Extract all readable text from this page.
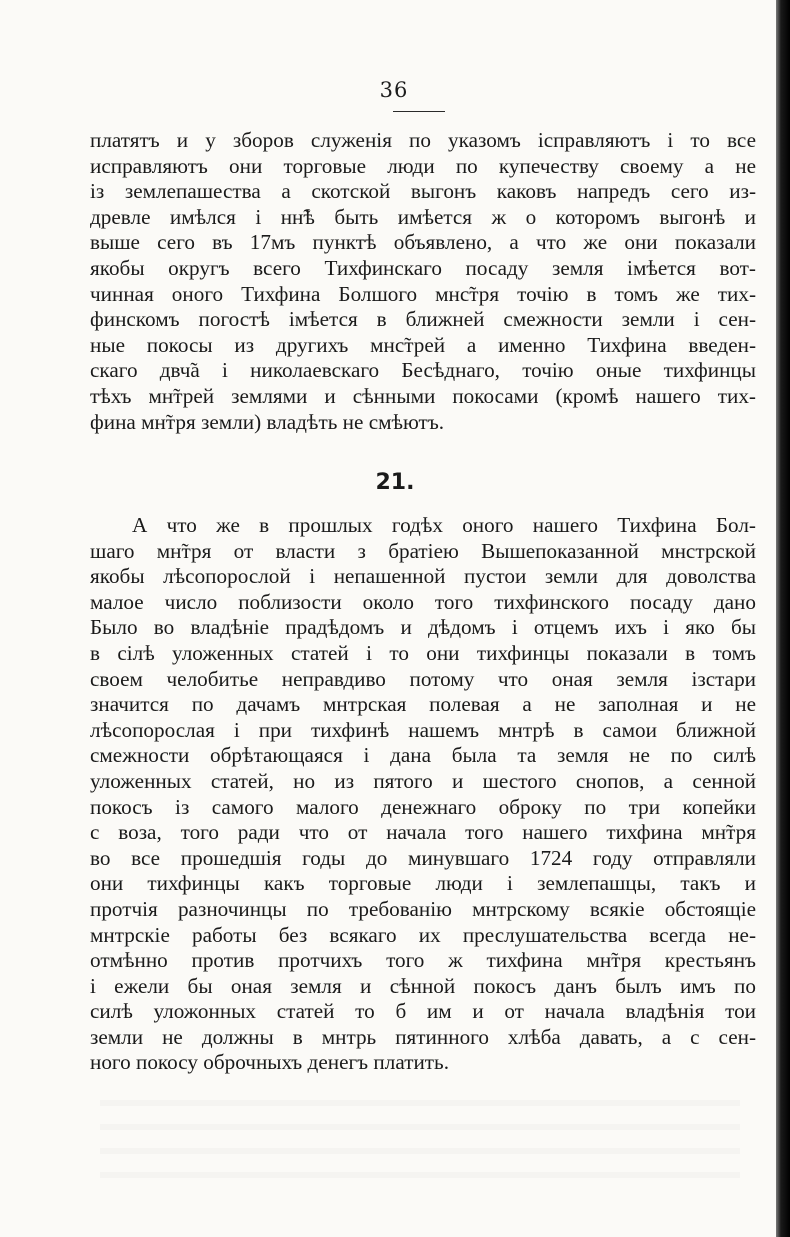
36
платятъ и у зборов служенія по указомъ ісправляютъ і то все
исправляютъ они торговые люди по купечеству своему а не
із землепашества а скотской выгонъ каковъ напредъ сего из-
древле имѣлся і нн̃ѣ быть имѣется ж о которомъ выгонѣ и
выше сего въ 17мъ пунктѣ объявлено, а что же они показали
якобы округъ всего Тихфинскаго посаду земля імѣется вот-
чинная оного Тихфина Болшого мнс̃тря точію в томъ же тих-
финскомъ погостѣ імѣется в ближней смежности земли і сен-
ные покосы из другихъ мнс̃трей а именно Тихфина введен-
скаго двч̃а і николаевскаго Бесѣднаго, точію оные тихфинцы
тѣхъ мн̃трей землями и сѣнными покосами (кромѣ нашего тих-
фина мн̃тря земли) владѣть не смѣютъ.
21.
А что же в прошлых годѣх оного нашего Тихфина Бол-
шаго мн̃тря от власти з братіею Вышепоказанной мнстрской
якобы лѣсопорослой і непашенной пустои земли для доволства
малое число поблизости около того тихфинского посаду дано
Было во владѣніе прадѣдомъ и дѣдомъ і отцемъ ихъ і яко бы
в сілѣ уложенных статей і то они тихфинцы показали в томъ
своем челобитье неправдиво потому что оная земля ізстари
значится по дачамъ мнтрская полевая а не заполная и не
лѣсопорослая і при тихфинѣ нашемъ мнтрѣ в самои ближной
смежности обрѣтающаяся і дана была та земля не по силѣ
уложенных статей, но из пятого и шестого снопов, а сенной
покосъ із самого малого денежнаго оброку по три копейки
с воза, того ради что от начала того нашего тихфина мн̃тря
во все прошедшія годы до минувшаго 1724 году отправляли
они тихфинцы какъ торговые люди і землепашцы, такъ и
протчія разночинцы по требованію мнтрскому всякіе обстоящіе
мнтрскіе работы без всякаго их преслушательства всегда не-
отмѣнно против протчихъ того ж тихфина мн̃тря крестьянъ
і ежели бы оная земля и сѣнной покосъ данъ былъ имъ по
силѣ уложонных статей то б им и от начала владѣнія тои
земли не должны в мнтрь пятинного хлѣба давать, а с сен-
ного покосу оброчныхъ денегъ платить.
